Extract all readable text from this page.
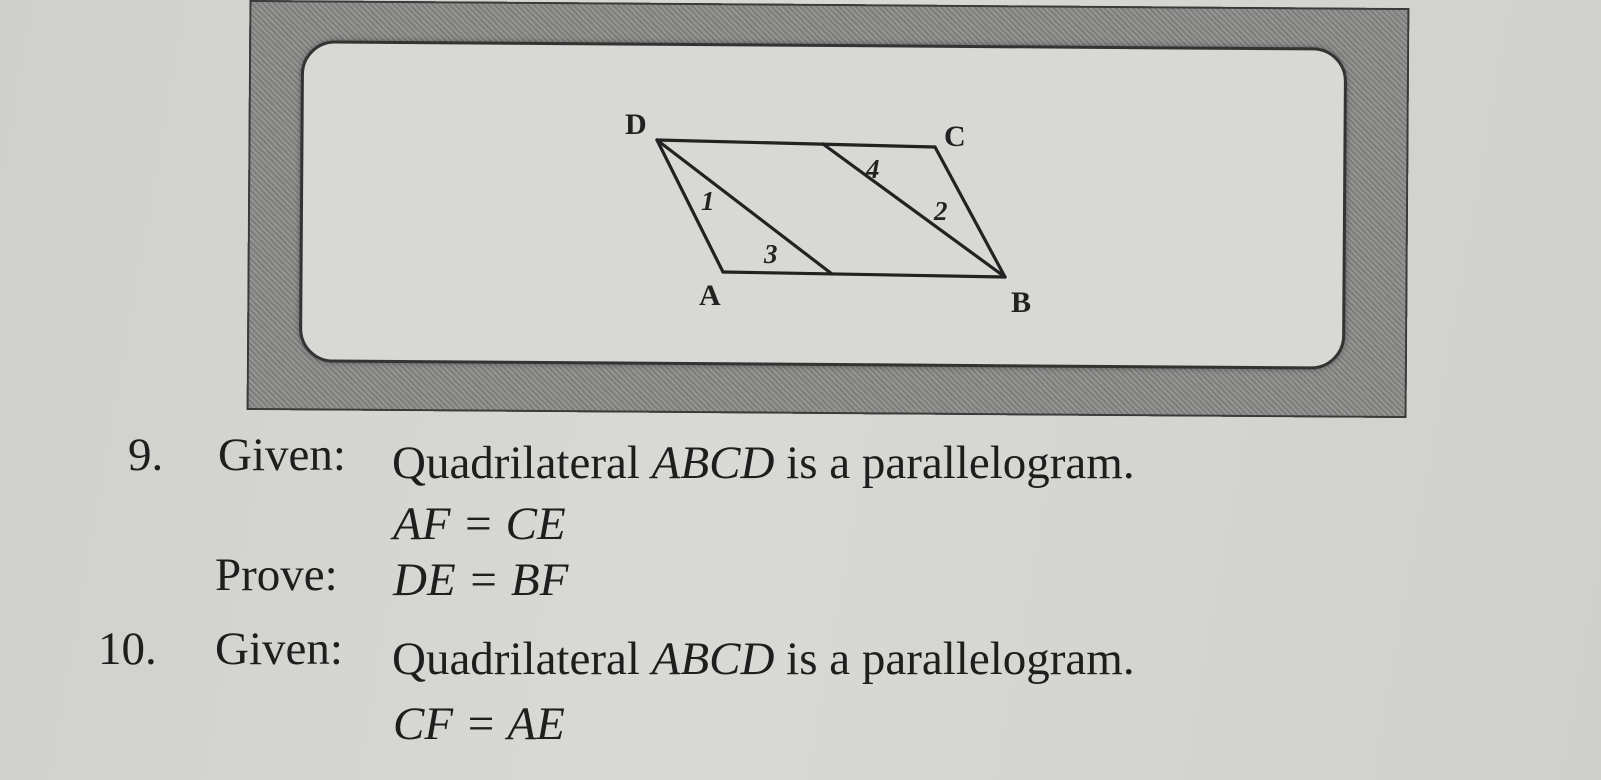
D	C
A	B
1	2
3
4
9. Given: Quadrilateral ABCD is a parallelogram.
AF = CE
Prove: DE = BF
10. Given: Quadrilateral ABCD is a parallelogram.
CF = AE
